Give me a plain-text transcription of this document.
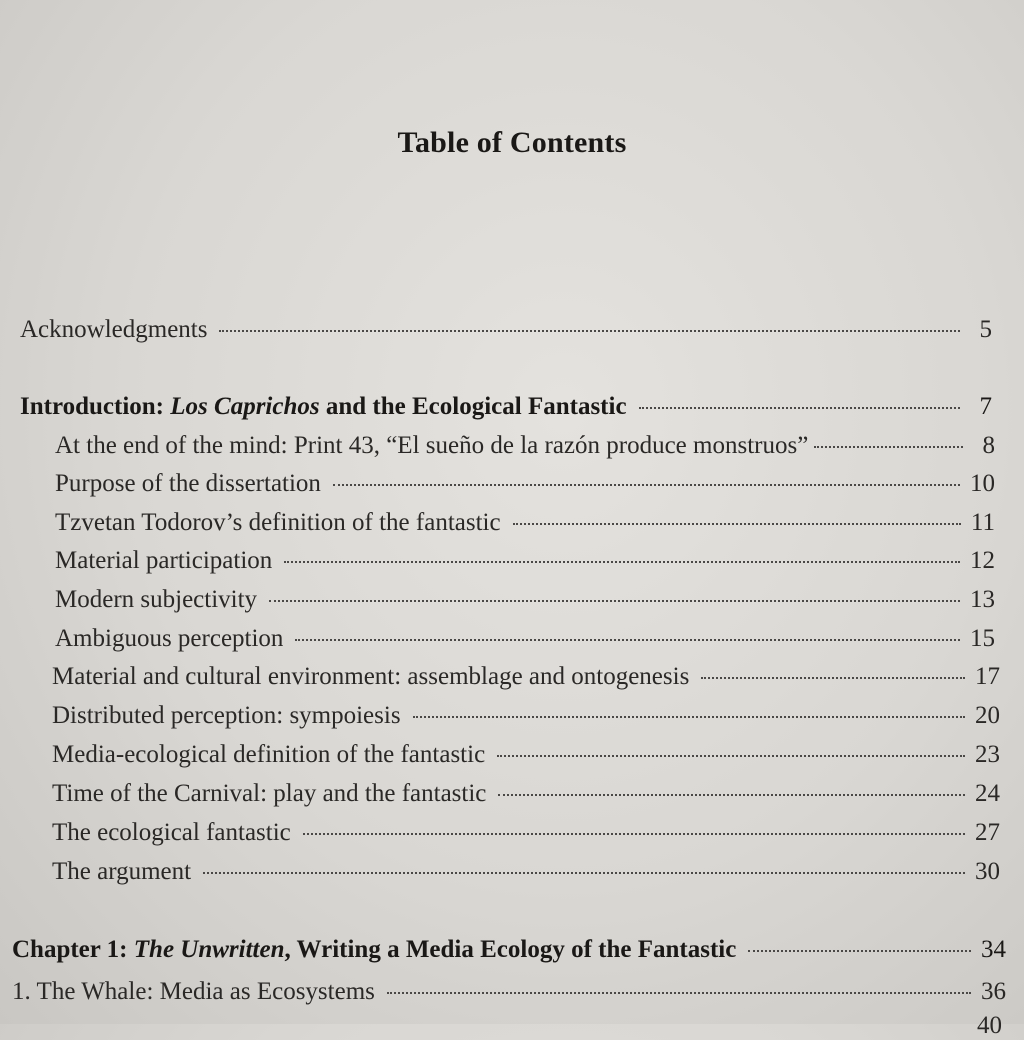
Table of Contents
Acknowledgments	5
Introduction: Los Caprichos and the Ecological Fantastic	7
At the end of the mind: Print 43, “El sueño de la razón produce monstruos”	8
Purpose of the dissertation	10
Tzvetan Todorov’s definition of the fantastic	11
Material participation	12
Modern subjectivity	13
Ambiguous perception	15
Material and cultural environment: assemblage and ontogenesis	17
Distributed perception: sympoiesis	20
Media-ecological definition of the fantastic	23
Time of the Carnival: play and the fantastic	24
The ecological fantastic	27
The argument	30
Chapter 1: The Unwritten, Writing a Media Ecology of the Fantastic	34
1. The Whale: Media as Ecosystems	36
40
